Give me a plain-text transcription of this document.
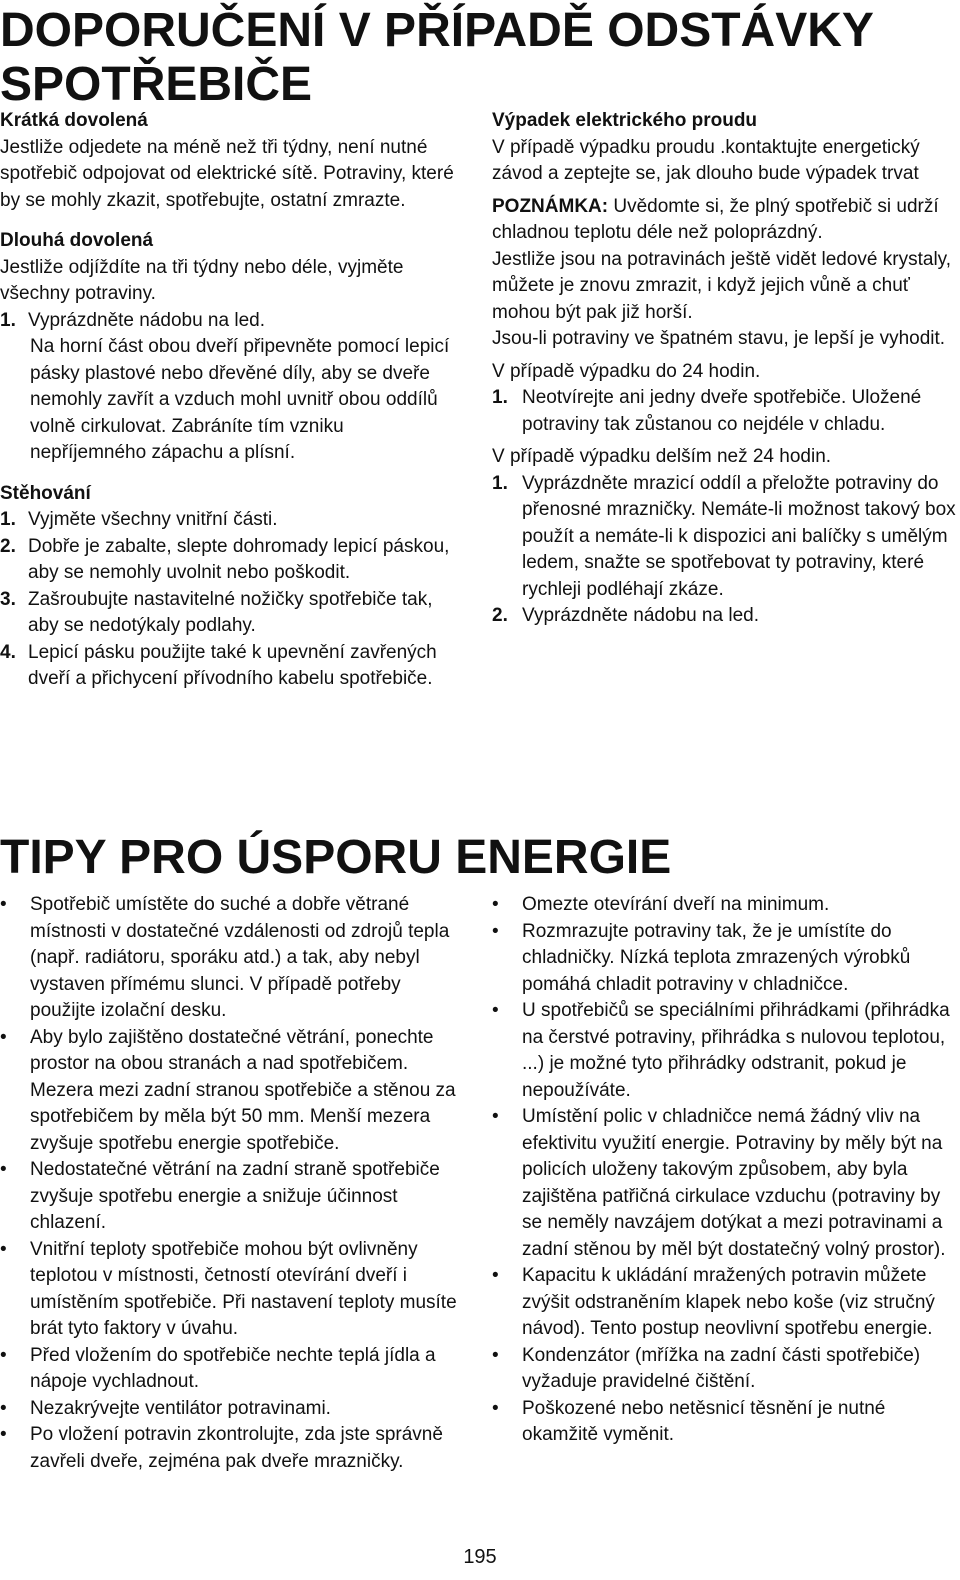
DOPORUČENÍ V PŘÍPADĚ ODSTÁVKY SPOTŘEBIČE
Krátká dovolená

Jestliže odjedete na méně než tři týdny, není nutné spotřebič odpojovat od elektrické sítě. Potraviny, které by se mohly zkazit, spotřebujte, ostatní zmrazte.

Dlouhá dovolená

Jestliže odjíždíte na tři týdny nebo déle, vyjměte všechny potraviny.

1. Vyprázdněte nádobu na led.

Na horní část obou dveří připevněte pomocí lepicí pásky plastové nebo dřevěné díly, aby se dveře nemohly zavřít a vzduch mohl uvnitř obou oddílů volně cirkulovat. Zabráníte tím vzniku nepříjemného zápachu a plísní.

Stěhování
1. Vyjměte všechny vnitřní části.
2. Dobře je zabalte, slepte dohromady lepicí páskou, aby se nemohly uvolnit nebo poškodit.
3. Zašroubujte nastavitelné nožičky spotřebiče tak, aby se nedotýkaly podlahy.
4. Lepicí pásku použijte také k upevnění zavřených dveří a přichycení přívodního kabelu spotřebiče.
Výpadek elektrického proudu

V případě výpadku proudu .kontaktujte energetický závod a zeptejte se, jak dlouho bude výpadek trvat

POZNÁMKA: Uvědomte si, že plný spotřebič si udrží chladnou teplotu déle než poloprázdný.

Jestliže jsou na potravinách ještě vidět ledové krystaly, můžete je znovu zmrazit, i když jejich vůně a chuť mohou být pak již horší.

Jsou-li potraviny ve špatném stavu, je lepší je vyhodit.

V případě výpadku do 24 hodin.

1. Neotvírejte ani jedny dveře spotřebiče. Uložené potraviny tak zůstanou co nejdéle v chladu.

V případě výpadku delším než 24 hodin.

1. Vyprázdněte mrazicí oddíl a přeložte potraviny do přenosné mrazničky. Nemáte-li možnost takový box použít a nemáte-li k dispozici ani balíčky s umělým ledem, snažte se spotřebovat ty potraviny, které rychleji podléhají zkáze.
2. Vyprázdněte nádobu na led.
TIPY PRO ÚSPORU ENERGIE
•	Spotřebič umístěte do suché a dobře větrané místnosti v dostatečné vzdálenosti od zdrojů tepla (např. radiátoru, sporáku atd.) a tak, aby nebyl vystaven přímému slunci. V případě potřeby použijte izolační desku.
•	Aby bylo zajištěno dostatečné větrání, ponechte prostor na obou stranách a nad spotřebičem. Mezera mezi zadní stranou spotřebiče a stěnou za spotřebičem by měla být 50 mm. Menší mezera zvyšuje spotřebu energie spotřebiče.
•	Nedostatečné větrání na zadní straně spotřebiče zvyšuje spotřebu energie a snižuje účinnost chlazení.
•	Vnitřní teploty spotřebiče mohou být ovlivněny teplotou v místnosti, četností otevírání dveří i umístěním spotřebiče. Při nastavení teploty musíte brát tyto faktory v úvahu.
•	Před vložením do spotřebiče nechte teplá jídla a nápoje vychladnout.
•	Nezakrývejte ventilátor potravinami.
•	Po vložení potravin zkontrolujte, zda jste správně zavřeli dveře, zejména pak dveře mrazničky.
•	Omezte otevírání dveří na minimum.
•	Rozmrazujte potraviny tak, že je umístíte do chladničky. Nízká teplota zmrazených výrobků pomáhá chladit potraviny v chladničce.
•	U spotřebičů se speciálními přihrádkami (přihrádka na čerstvé potraviny, přihrádka s nulovou teplotou, ...) je možné tyto přihrádky odstranit, pokud je nepoužíváte.
•	Umístění polic v chladničce nemá žádný vliv na efektivitu využití energie. Potraviny by měly být na policích uloženy takovým způsobem, aby byla zajištěna patřičná cirkulace vzduchu (potraviny by se neměly navzájem dotýkat a mezi potravinami a zadní stěnou by měl být dostatečný volný prostor).
•	Kapacitu k ukládání mražených potravin můžete zvýšit odstraněním klapek nebo koše (viz stručný návod). Tento postup neovlivní spotřebu energie.
•	Kondenzátor (mřížka na zadní části spotřebiče) vyžaduje pravidelné čištění.
•	Poškozené nebo netěsnicí těsnění je nutné okamžitě vyměnit.
195
